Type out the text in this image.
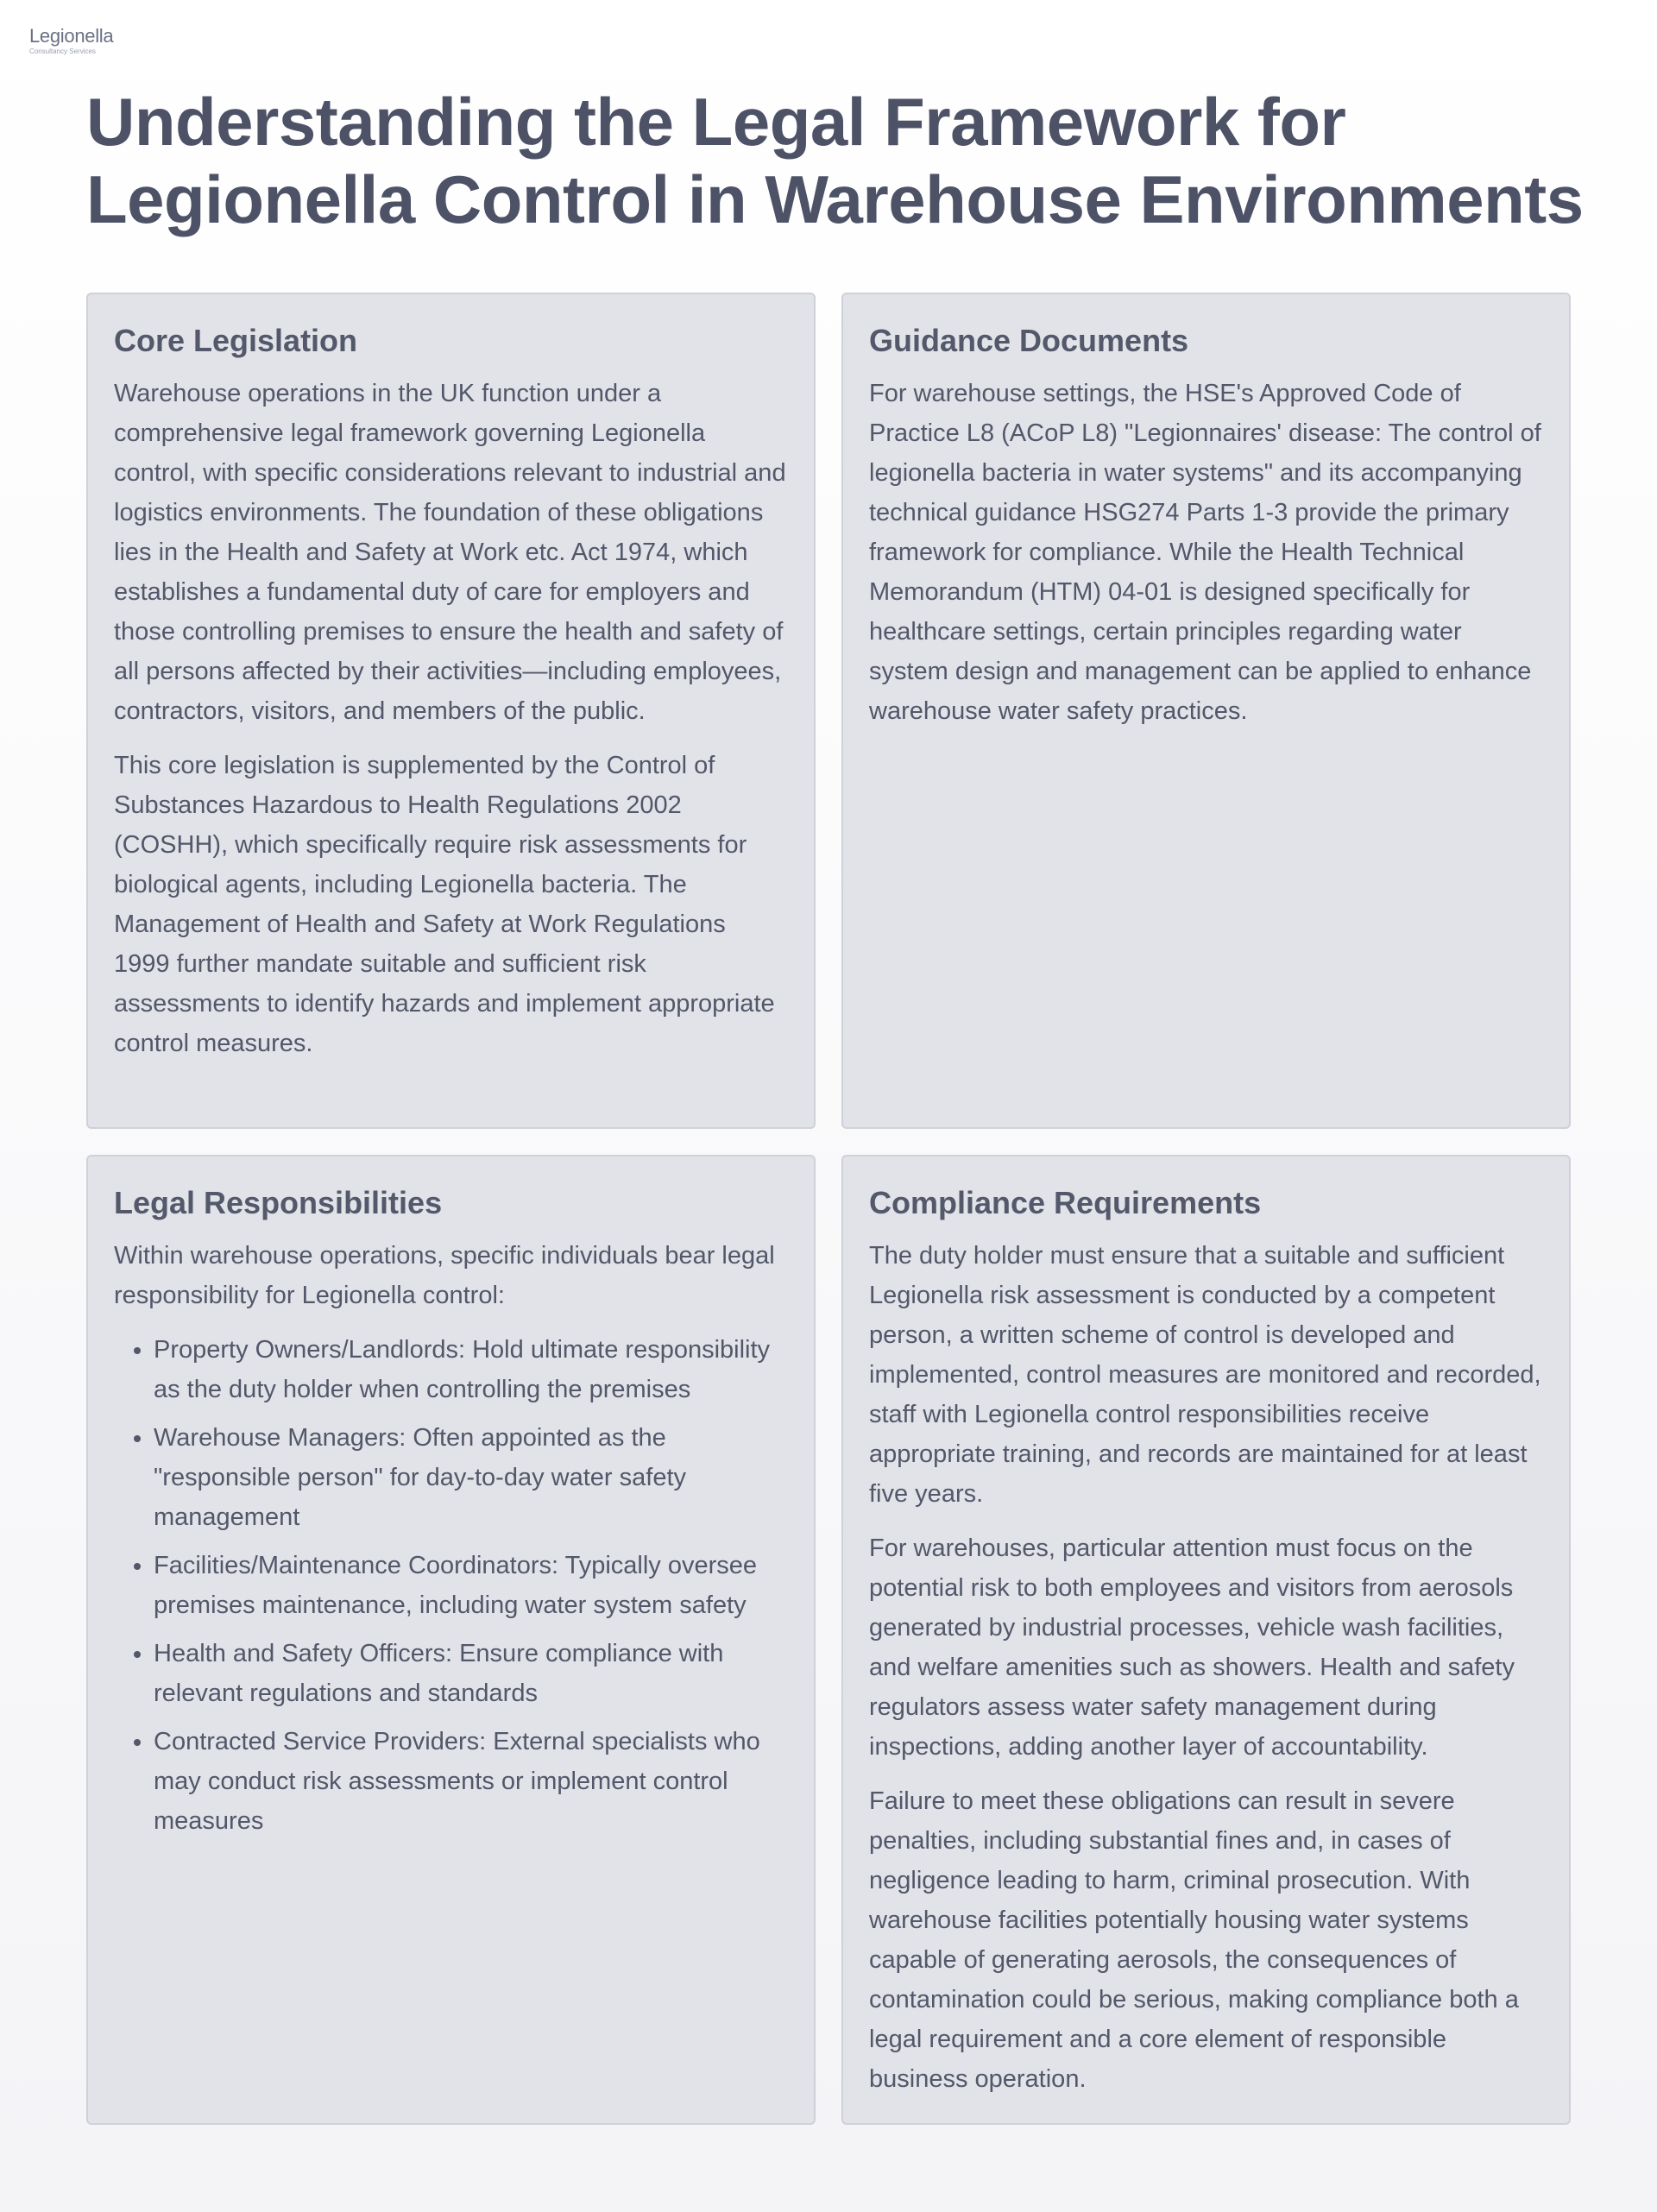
Legionella
Consultancy Services
Understanding the Legal Framework for Legionella Control in Warehouse Environments
Core Legislation

Warehouse operations in the UK function under a comprehensive legal framework governing Legionella control, with specific considerations relevant to industrial and logistics environments. The foundation of these obligations lies in the Health and Safety at Work etc. Act 1974, which establishes a fundamental duty of care for employers and those controlling premises to ensure the health and safety of all persons affected by their activities—including employees, contractors, visitors, and members of the public.

This core legislation is supplemented by the Control of Substances Hazardous to Health Regulations 2002 (COSHH), which specifically require risk assessments for biological agents, including Legionella bacteria. The Management of Health and Safety at Work Regulations 1999 further mandate suitable and sufficient risk assessments to identify hazards and implement appropriate control measures.

Guidance Documents

For warehouse settings, the HSE's Approved Code of Practice L8 (ACoP L8) "Legionnaires' disease: The control of legionella bacteria in water systems" and its accompanying technical guidance HSG274 Parts 1-3 provide the primary framework for compliance. While the Health Technical Memorandum (HTM) 04-01 is designed specifically for healthcare settings, certain principles regarding water system design and management can be applied to enhance warehouse water safety practices.

Legal Responsibilities

Within warehouse operations, specific individuals bear legal responsibility for Legionella control:

• Property Owners/Landlords: Hold ultimate responsibility as the duty holder when controlling the premises
• Warehouse Managers: Often appointed as the "responsible person" for day-to-day water safety management
• Facilities/Maintenance Coordinators: Typically oversee premises maintenance, including water system safety
• Health and Safety Officers: Ensure compliance with relevant regulations and standards
• Contracted Service Providers: External specialists who may conduct risk assessments or implement control measures
Compliance Requirements

The duty holder must ensure that a suitable and sufficient Legionella risk assessment is conducted by a competent person, a written scheme of control is developed and implemented, control measures are monitored and recorded, staff with Legionella control responsibilities receive appropriate training, and records are maintained for at least five years.

For warehouses, particular attention must focus on the potential risk to both employees and visitors from aerosols generated by industrial processes, vehicle wash facilities, and welfare amenities such as showers. Health and safety regulators assess water safety management during inspections, adding another layer of accountability.

Failure to meet these obligations can result in severe penalties, including substantial fines and, in cases of negligence leading to harm, criminal prosecution. With warehouse facilities potentially housing water systems capable of generating aerosols, the consequences of contamination could be serious, making compliance both a legal requirement and a core element of responsible business operation.
